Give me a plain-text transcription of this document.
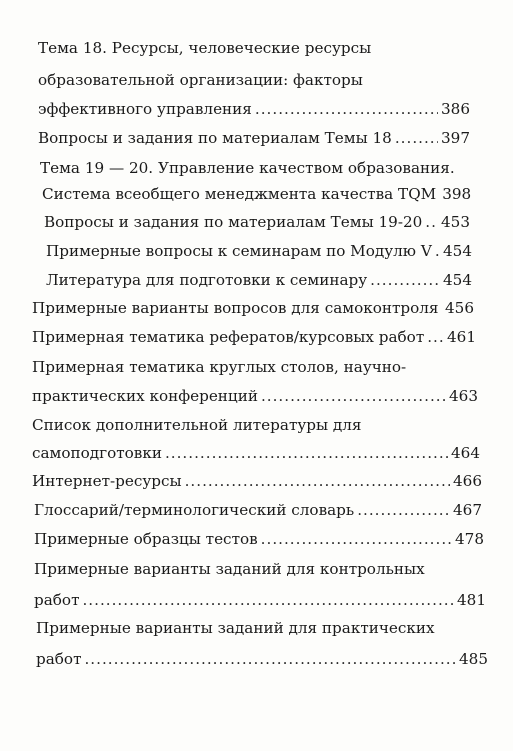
Тема 18. Ресурсы, человеческие ресурсы
образовательной организации: факторы
эффективного управления .....	386
Вопросы и задания по материалам Темы 18 .....	397
Тема 19 — 20. Управление качеством образования.
Система всеобщего менеджмента качества TQM 398
Вопросы и задания по материалам Темы 19-20 ..... 453
Примерные вопросы к семинарам по Модулю V ..... 454
Литература для подготовки к семинару .....	454
Примерные варианты вопросов для самоконтроля ..... 456
Примерная тематика рефератов/курсовых работ ..... 461
Примерная тематика круглых столов, научно-
практических конференций .....	463
Список дополнительной литературы для
самоподготовки .....	464
Интернет-ресурсы .....	466
Глоссарий/терминологический словарь .....	467
Примерные образцы тестов .....	478
Примерные варианты заданий для контрольных
работ .....	481
Примерные варианты заданий для практических
работ .....	485
